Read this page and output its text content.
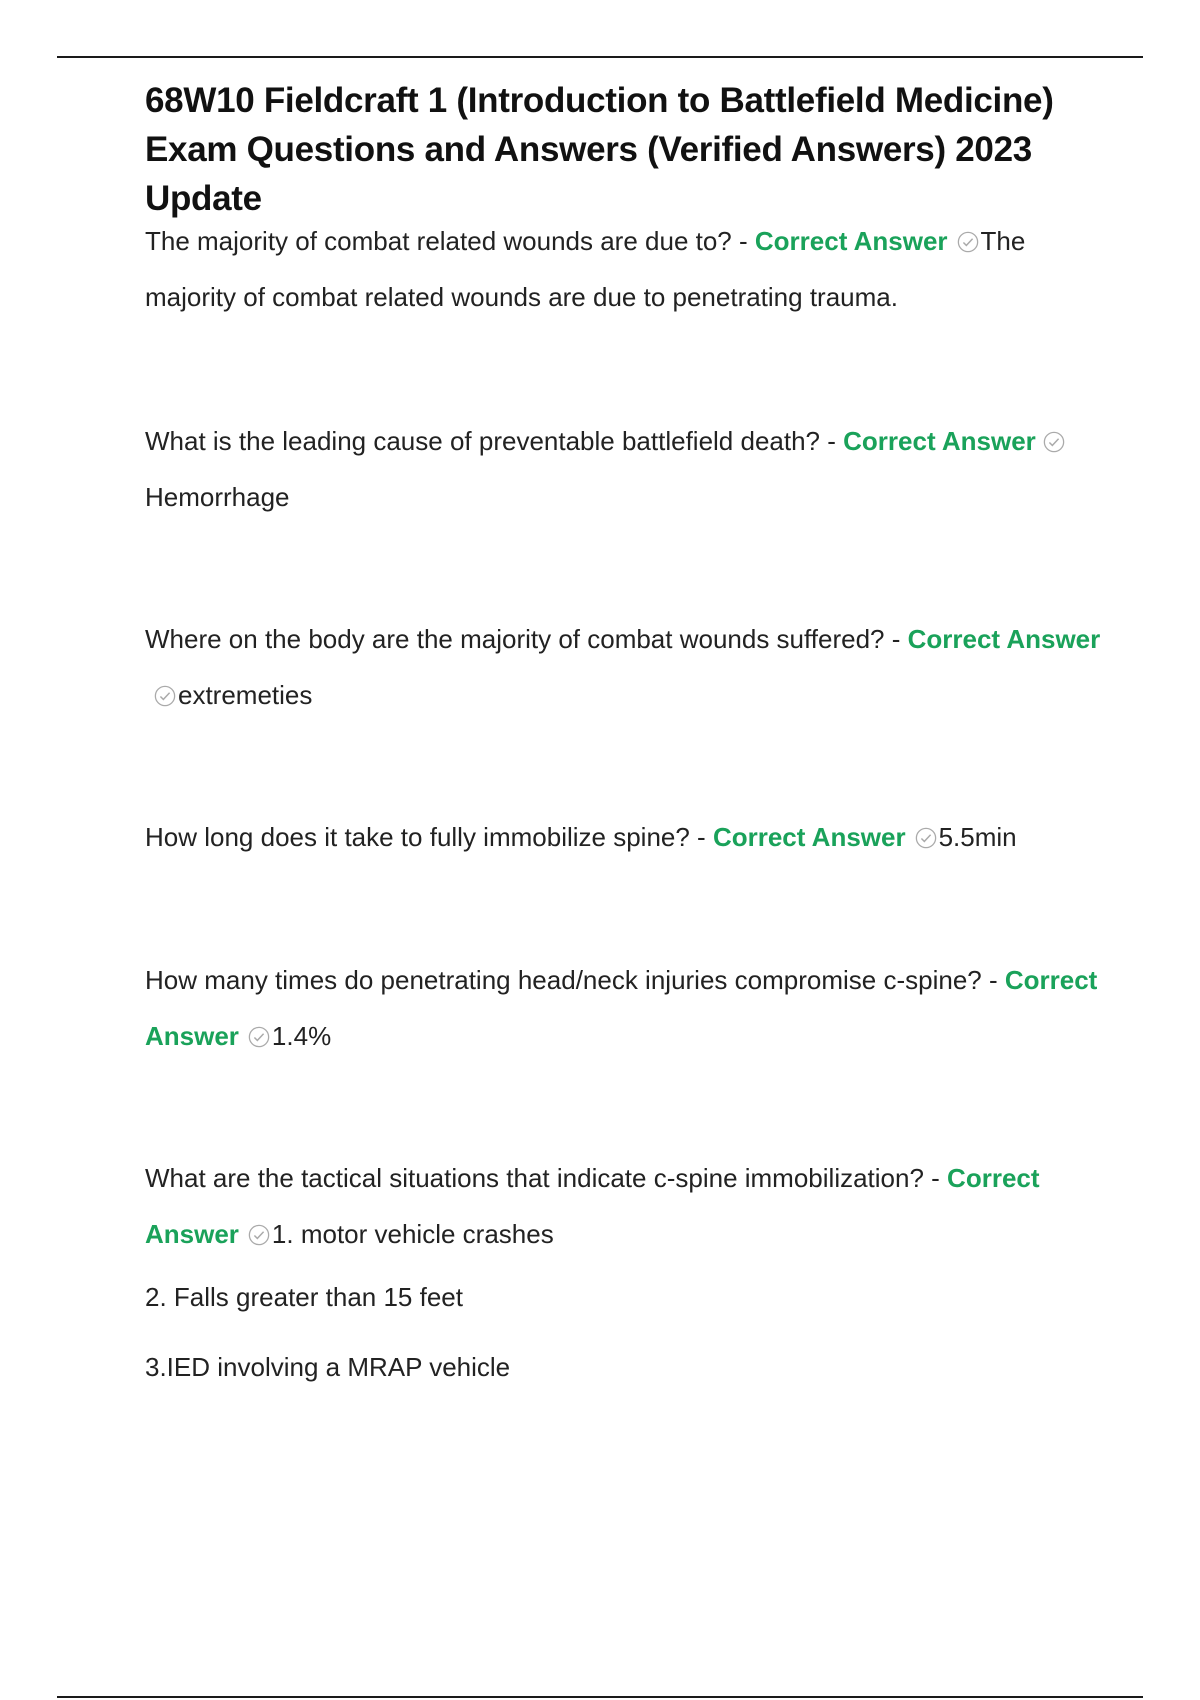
68W10 Fieldcraft 1 (Introduction to Battlefield Medicine) Exam Questions and Answers (Verified Answers) 2023 Update

The majority of combat related wounds are due to? - Correct Answer The majority of combat related wounds are due to penetrating trauma.

What is the leading cause of preventable battlefield death? - Correct Answer Hemorrhage

Where on the body are the majority of combat wounds suffered? - Correct Answerextremeties

How long does it take to fully immobilize spine? - Correct Answer 5.5min

How many times do penetrating head/neck injuries compromise c-spine? - Correct Answer 1.4%

What are the tactical situations that indicate c-spine immobilization? - Correct Answer 1. motor vehicle crashes

2. Falls greater than 15 feet

3.IED involving a MRAP vehicle
